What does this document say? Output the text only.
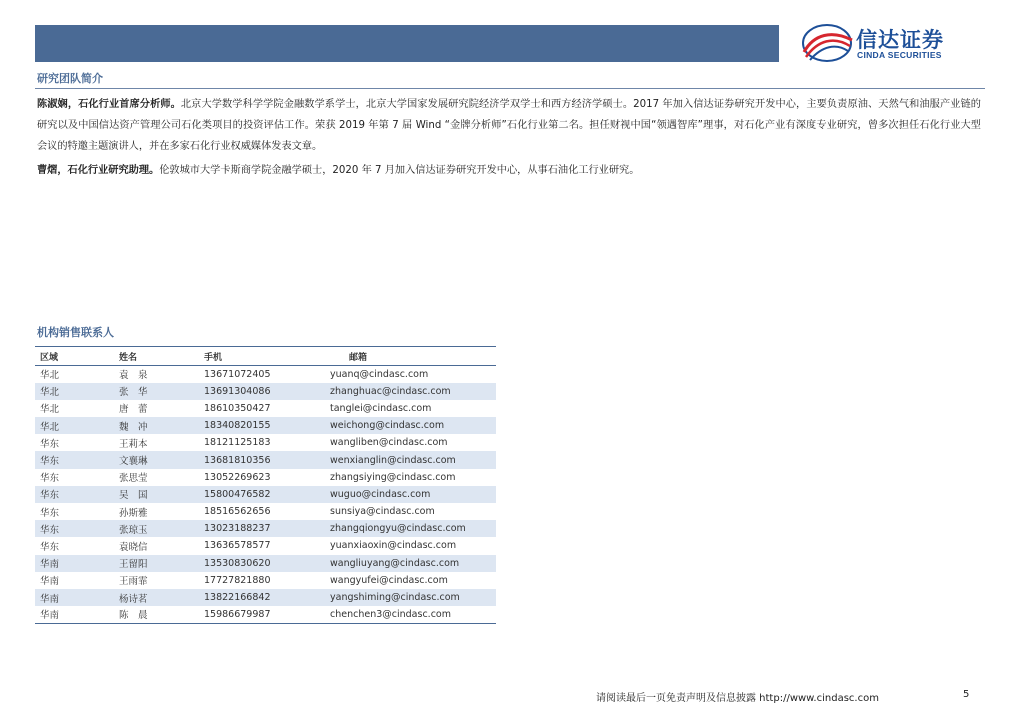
信达证券
CINDA SECURITIES
研究团队简介

陈淑娴，石化行业首席分析师。北京大学数学科学学院金融数学系学士，北京大学国家发展研究院经济学双学士和西方经济学硕士。2017 年加入信达证券研究开发中心，主要负责原油、天然气和油服产业链的研究以及中国信达资产管理公司石化类项目的投资评估工作。荣获 2019 年第 7 届 Wind “金牌分析师”石化行业第二名。担任财视中国“领遇智库”理事，对石化产业有深度专业研究，曾多次担任石化行业大型会议的特邀主题演讲人，并在多家石化行业权威媒体发表文章。

曹熠，石化行业研究助理。伦敦城市大学卡斯商学院金融学硕士，2020 年 7 月加入信达证券研究开发中心，从事石油化工行业研究。

机构销售联系人
区域	姓名	手机	邮箱
华北	袁　泉	13671072405	yuanq@cindasc.com
华北	张　华	13691304086	zhanghuac@cindasc.com
华北	唐　蕾	18610350427	tanglei@cindasc.com
华北	魏　冲	18340820155	weichong@cindasc.com
华东	王莉本	18121125183	wangliben@cindasc.com
华东	文襄琳	13681810356	wenxianglin@cindasc.com
华东	张思莹	13052269623	zhangsiying@cindasc.com
华东	吴　国	15800476582	wuguo@cindasc.com
华东	孙斯雅	18516562656	sunsiya@cindasc.com
华东	张琼玉	13023188237	zhangqiongyu@cindasc.com
华东	袁晓信	13636578577	yuanxiaoxin@cindasc.com
华南	王留阳	13530830620	wangliuyang@cindasc.com
华南	王雨霏	17727821880	wangyufei@cindasc.com
华南	杨诗茗	13822166842	yangshiming@cindasc.com
华南	陈　晨	15986679987	chenchen3@cindasc.com
请阅读最后一页免责声明及信息披露 http://www.cindasc.com	5
